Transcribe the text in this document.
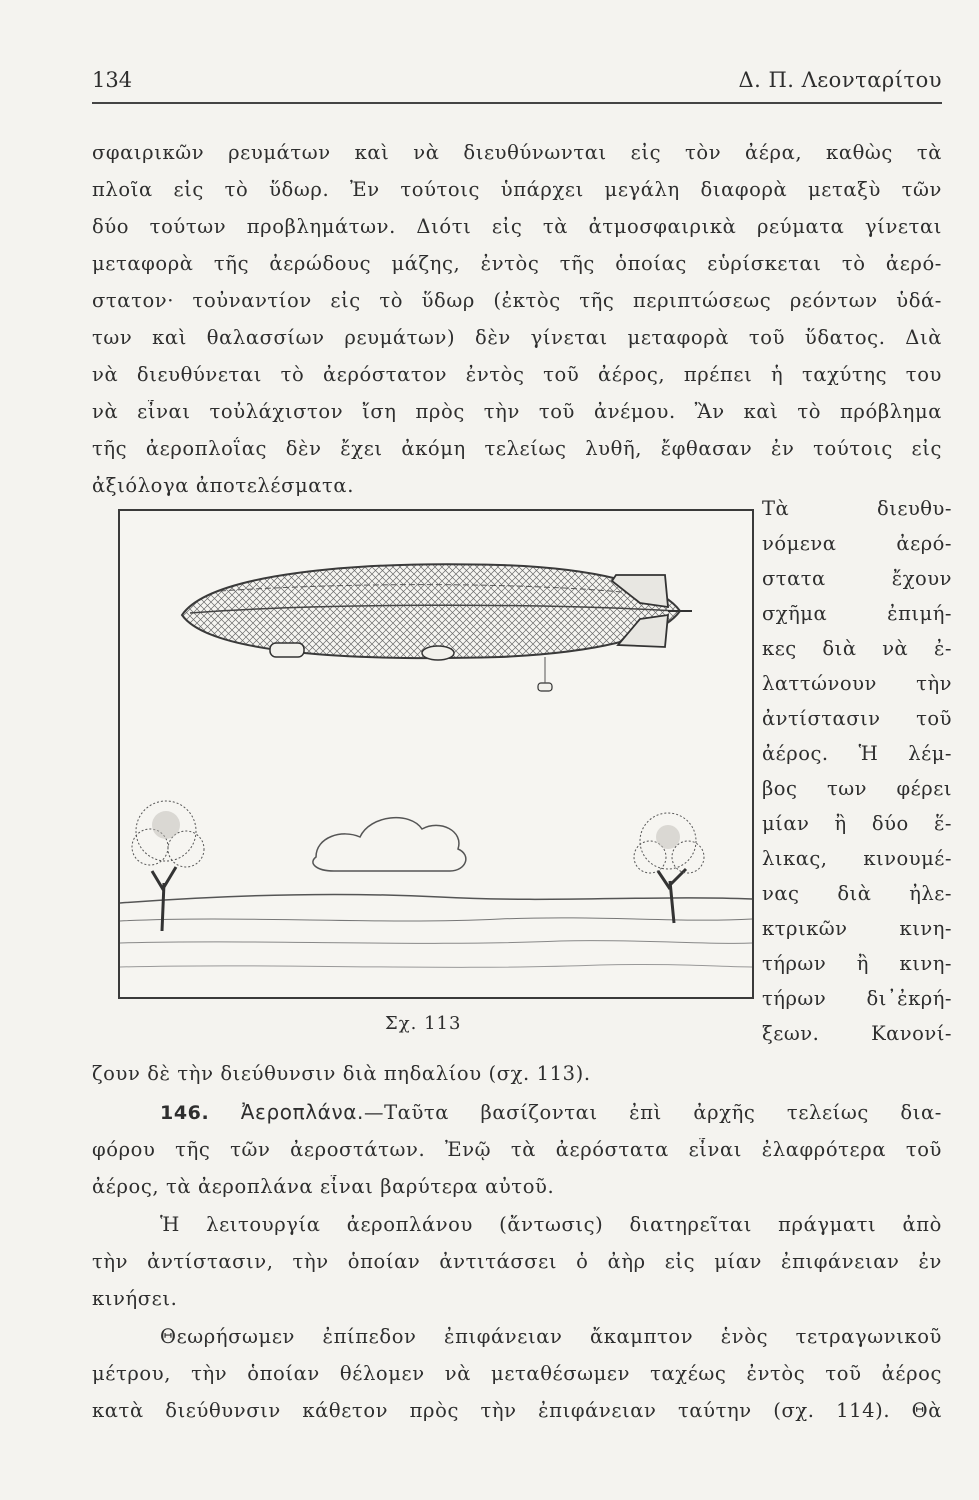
134	Δ. Π. Λεονταρίτου
σφαιρικῶν ρευμάτων καὶ νὰ διευθύνωνται εἰς τὸν ἀέρα, καθὼς τὰ
πλοῖα εἰς τὸ ὕδωρ. Ἐν τούτοις ὑπάρχει μεγάλη διαφορὰ μεταξὺ τῶν
δύο τούτων προβλημάτων. Διότι εἰς τὰ ἀτμοσφαιρικὰ ρεύματα γίνεται
μεταφορὰ τῆς ἀερώδους μάζης, ἐντὸς τῆς ὁποίας εὑρίσκεται τὸ ἀερό-
στατον· τοὐναντίον εἰς τὸ ὕδωρ (ἐκτὸς τῆς περιπτώσεως ρεόντων ὑδά-
των καὶ θαλασσίων ρευμάτων) δὲν γίνεται μεταφορὰ τοῦ ὕδατος. Διὰ
νὰ διευθύνεται τὸ ἀερόστατον ἐντὸς τοῦ ἀέρος, πρέπει ἡ ταχύτης του
νὰ εἶναι τοὐλάχιστον ἴση πρὸς τὴν τοῦ ἀνέμου. Ἂν καὶ τὸ πρόβλημα
τῆς ἀεροπλοΐας δὲν ἔχει ἀκόμη τελείως λυθῆ, ἔφθασαν ἐν τούτοις εἰς
ἀξιόλογα ἀποτελέσματα.
Σχ. 113
Τὰ διευθυ-
νόμενα ἀερό-
στατα ἔχουν
σχῆμα ἐπιμή-
κες διὰ νὰ ἐ-
λαττώνουν τὴν
ἀντίστασιν τοῦ
ἀέρος. Ἡ λέμ-
βος των φέρει
μίαν ἢ δύο ἕ-
λικας, κινουμέ-
νας διὰ ἠλε-
κτρικῶν κινη-
τήρων ἢ κινη-
τήρων δι᾽ἐκρή-
ξεων. Κανονί-
ζουν δὲ τὴν διεύθυνσιν διὰ πηδαλίου (σχ. 113).
146. Ἀεροπλάνα.—Ταῦτα βασίζονται ἐπὶ ἀρχῆς τελείως δια-
φόρου τῆς τῶν ἀεροστάτων. Ἐνῷ τὰ ἀερόστατα εἶναι ἐλαφρότερα τοῦ
ἀέρος, τὰ ἀεροπλάνα εἶναι βαρύτερα αὐτοῦ.
Ἡ λειτουργία ἀεροπλάνου (ἄντωσις) διατηρεῖται πράγματι ἀπὸ
τὴν ἀντίστασιν, τὴν ὁποίαν ἀντιτάσσει ὁ ἀὴρ εἰς μίαν ἐπιφάνειαν ἐν
κινήσει.
Θεωρήσωμεν ἐπίπεδον ἐπιφάνειαν ἄκαμπτον ἑνὸς τετραγωνικοῦ
μέτρου, τὴν ὁποίαν θέλομεν νὰ μεταθέσωμεν ταχέως ἐντὸς τοῦ ἀέρος
κατὰ διεύθυνσιν κάθετον πρὸς τὴν ἐπιφάνειαν ταύτην (σχ. 114). Θὰ
